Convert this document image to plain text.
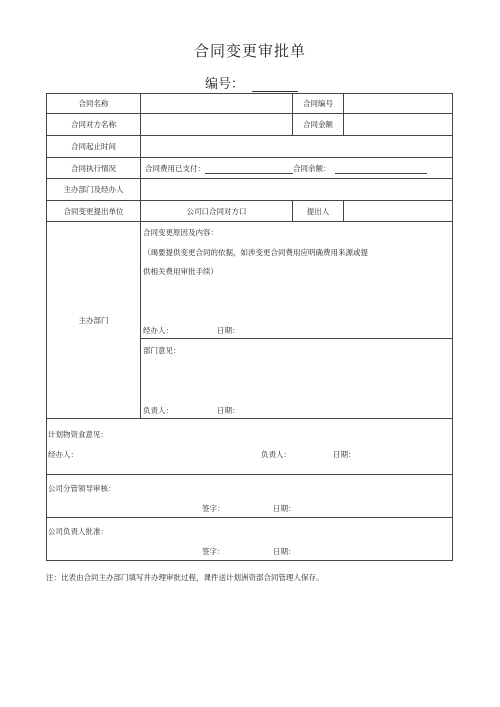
合同变更审批单
编号：
合同名称		合同编号	
合同对方名称		合同金额	
合同起止时间			
合同执行情况	合同费用已支付： 合同余额：		
主办部门及经办人			
合同变更提出单位	公司口合同对方口	提出人	
主办部门	合同变更原因及内容：
（竭要提供变更合同的依据，如涉变更合同费用应明确费用来源或提
供相关费用审批手续）
经办人： 日期：		

	部门意见：
负责人： 日期：		

计划物资食意见：
经办人： 负责人： 日期：			

公司分管领导审核：
签字： 日期：			

公司负责人批准：
签字： 日期：			
注：比表由合同主办部门填写并办理审批过程，课件送计划洲资部合同管理人保存。
